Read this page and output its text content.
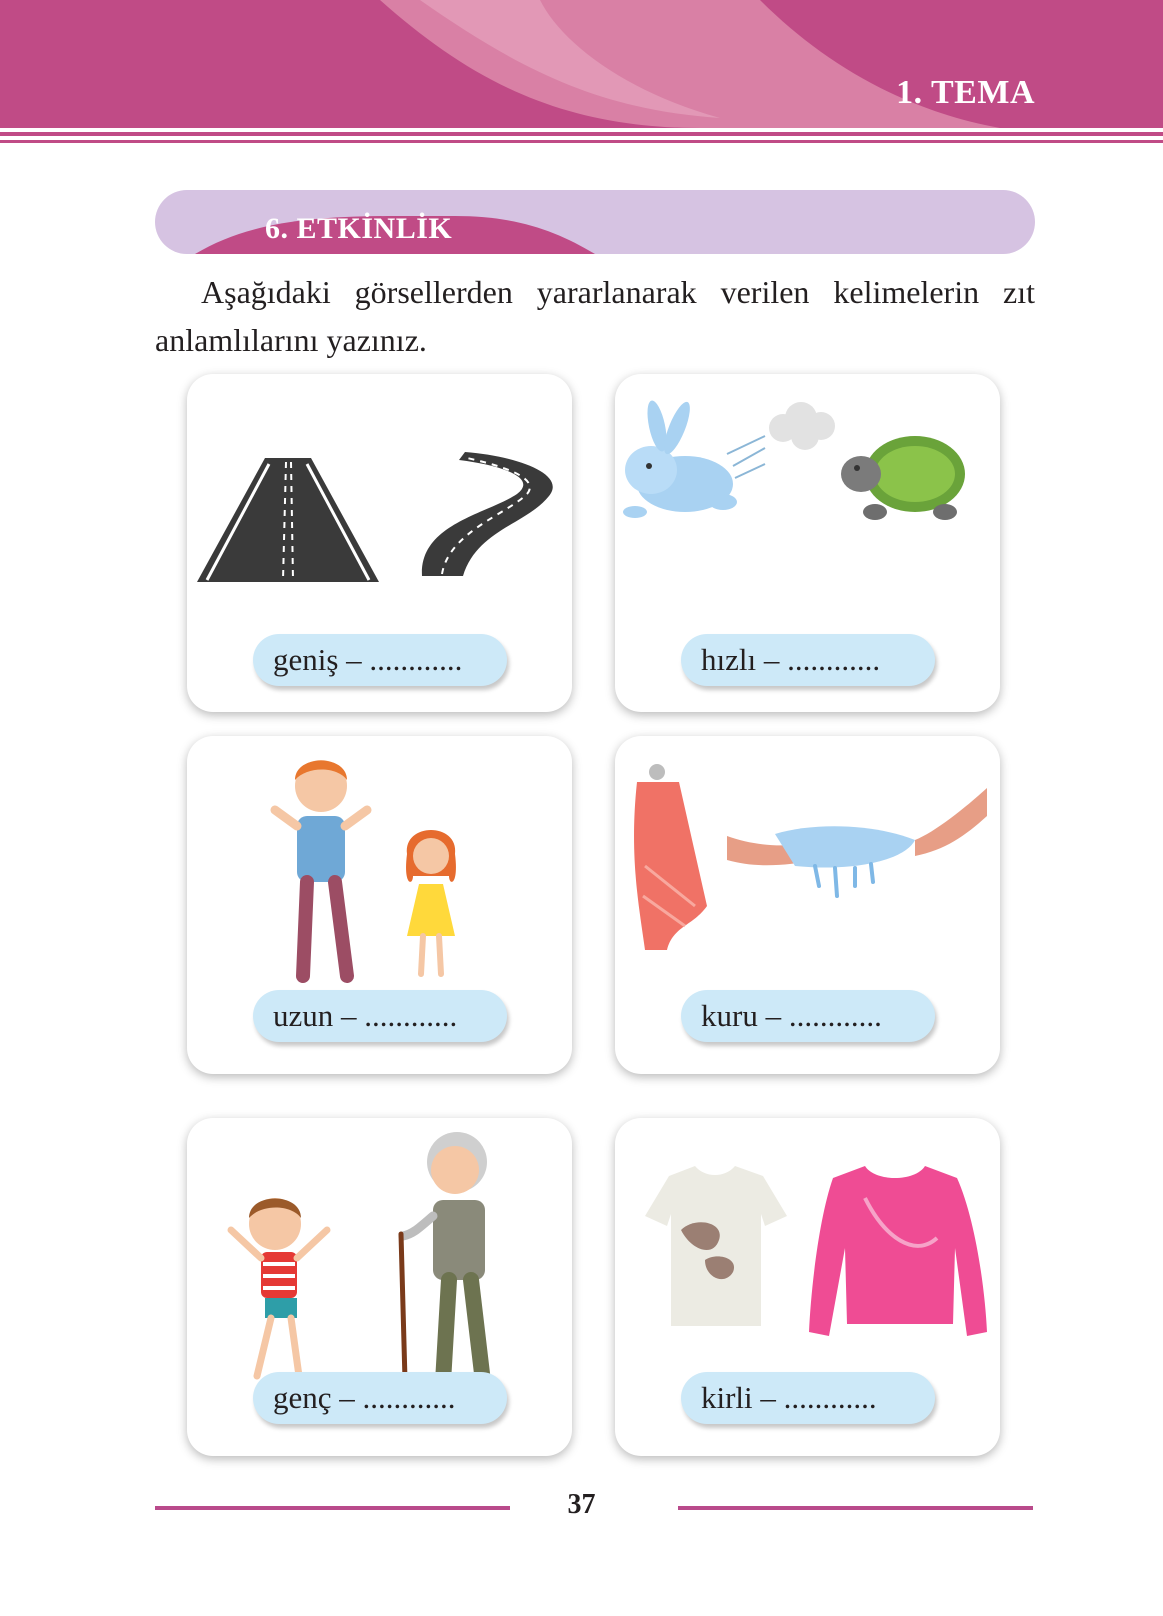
1. TEMA
6. ETKİNLİK
Aşağıdaki görsellerden yararlanarak verilen kelimelerin zıt anlamlılarını yazınız.
geniş – ............	hızlı – ............
uzun – ............	kuru – ............
genç – ............	kirli – ............
37
